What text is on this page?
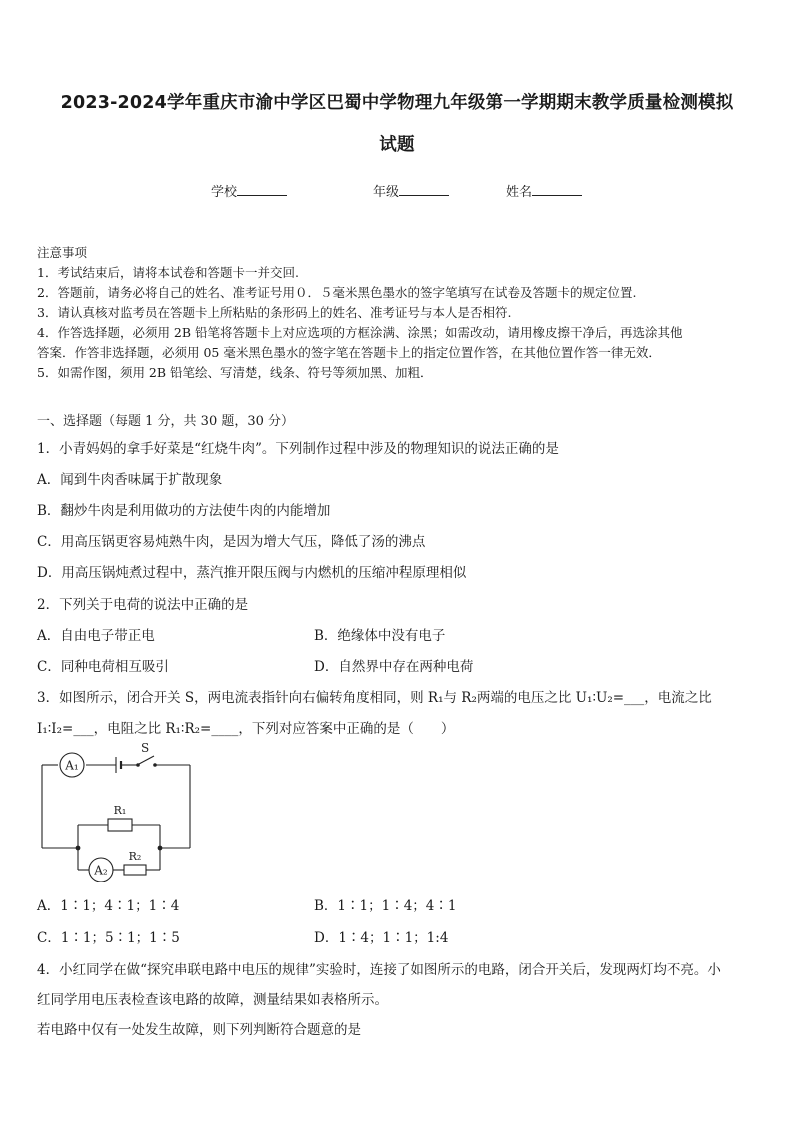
2023-2024学年重庆市渝中学区巴蜀中学物理九年级第一学期期末教学质量检测模拟
试题
学校	年级	姓名
注意事项
1．考试结束后，请将本试卷和答题卡一并交回.
2．答题前，请务必将自己的姓名、准考证号用０．５毫米黑色墨水的签字笔填写在试卷及答题卡的规定位置.
3．请认真核对监考员在答题卡上所粘贴的条形码上的姓名、准考证号与本人是否相符.
4．作答选择题，必须用 2B 铅笔将答题卡上对应选项的方框涂满、涂黑；如需改动，请用橡皮擦干净后，再选涂其他
答案．作答非选择题，必须用 05 毫米黑色墨水的签字笔在答题卡上的指定位置作答，在其他位置作答一律无效．
5．如需作图，须用 2B 铅笔绘、写清楚，线条、符号等须加黑、加粗．
一、选择题（每题 1 分，共 30 题，30 分）
1．小青妈妈的拿手好菜是“红烧牛肉”。下列制作过程中涉及的物理知识的说法正确的是
A．闻到牛肉香味属于扩散现象
B．翻炒牛肉是利用做功的方法使牛肉的内能增加
C．用高压锅更容易炖熟牛肉，是因为增大气压，降低了汤的沸点
D．用高压锅炖煮过程中，蒸汽推开限压阀与内燃机的压缩冲程原理相似
2．下列关于电荷的说法中正确的是
A．自由电子带正电	B．绝缘体中没有电子
C．同种电荷相互吸引	D．自然界中存在两种电荷
3．如图所示，闭合开关 S，两电流表指针向右偏转角度相同，则 R₁与 R₂两端的电压之比 U₁∶U₂=___，电流之比
I₁∶I₂=___，电阻之比 R₁∶R₂=____，下列对应答案中正确的是（　　）
A₁
S
R₁
A₂
R₂
A．1∶1；4∶1；1∶4	B．1∶1；1∶4；4∶1
C．1∶1；5∶1；1∶5	D．1∶4；1∶1；1:4
4．小红同学在做“探究串联电路中电压的规律”实验时，连接了如图所示的电路，闭合开关后，发现两灯均不亮。小
红同学用电压表检查该电路的故障，测量结果如表格所示。
若电路中仅有一处发生故障，则下列判断符合题意的是
